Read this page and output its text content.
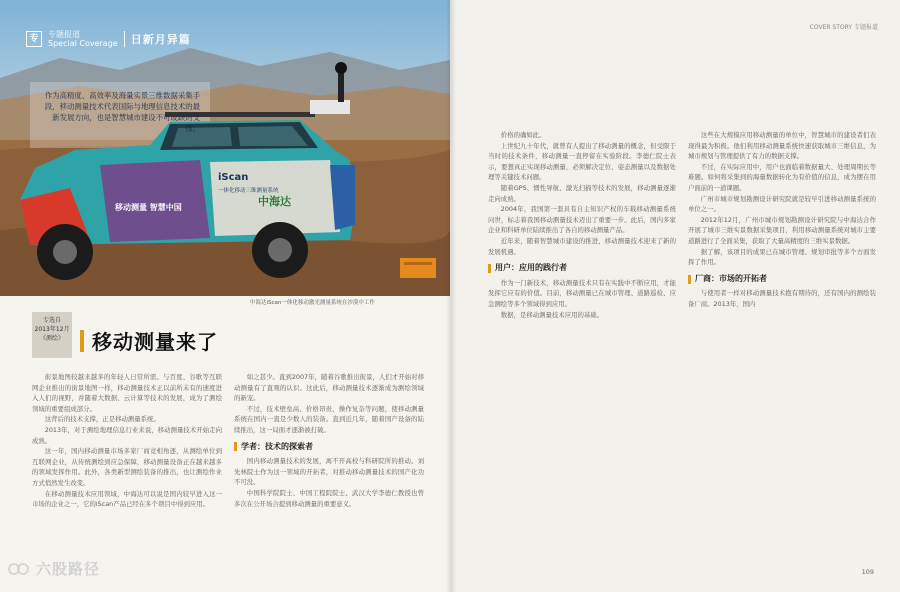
中海达
iScan
一体化移动三维测量系统
移动测量 智慧中国
专	专题报道
Special Coverage 日新月异篇
作为高精度、高效率及海量实景三维数据采集手段，移动测量技术代表国际与地理信息技术的最新发展方向，也是智慧城市建设不可或缺的支撑。
中海达iScan一体化移动激光测量系统在沙漠中工作
专选自
2013年12月
《测绘》	移动测量来了

街景地图较越来越多的年轻人日常所需。与百度、谷歌等互联网企业推出的街景地图一样，移动测量技术正以前所未有的速度进入人们的视野，并随着大数据、云计算等技术的发展，成为了测绘领域的重要组成部分。

这背后的技术支撑，正是移动测量系统。

2013年，对于测绘地理信息行业来说，移动测量技术开始走向成熟。

这一年，国内移动测量市场多家厂商竞相角逐，从测绘单位到互联网企业，从传统测绘到应急保障，移动测量设备正在越来越多的领域发挥作用。此外，各类新型测绘装备的推出，也让测绘作业方式悄然发生改变。

在移动测量技术应用领域，中海达可以说是国内较早进入这一市场的企业之一，它的iScan产品已经在多个项目中得到应用。

如之甚少。直到2007年，随着谷歌推出街景，人们才开始对移动测量有了直观的认识。这此后，移动测量技术逐渐成为测绘领域的新宠。

不过，技术壁垒高、价格昂贵、操作复杂等问题，使移动测量系统在国内一直是少数人的装备。直到近几年，随着国产设备的陆续推出，这一局面才逐渐被打破。

学者：技术的探索者

国内移动测量技术的发展，离不开高校与科研院所的推动。刘先林院士作为这一领域的开拓者，对推动移动测量技术的国产化功不可没。

中国科学院院士、中国工程院院士、武汉大学李德仁教授也曾多次在公开场合提到移动测量的重要意义。

六股路径
COVER STORY 专题报道

价格的确如此。

上世纪九十年代，就曾有人提出了移动测量的概念，但受限于当时的技术条件，移动测量一直停留在实验阶段。李德仁院士表示，要想真正实现移动测量，必须解决定位、姿态测量以及数据处理等关键技术问题。

随着GPS、惯性导航、激光扫描等技术的发展，移动测量逐渐走向成熟。

2004年，我国第一套具有自主知识产权的车载移动测量系统问世，标志着我国移动测量技术迈出了重要一步。此后，国内多家企业和科研单位陆续推出了各自的移动测量产品。

近年来，随着智慧城市建设的推进，移动测量技术迎来了新的发展机遇。

用户：应用的践行者

作为一门新技术，移动测量技术只有在实践中不断应用，才能发挥它应有的价值。目前，移动测量已在城市管理、道路巡检、应急测绘等多个领域得到应用。

数据，是移动测量技术应用的基础。

这些在大规模应用移动测量的单位中，智慧城市的建设者们表现得最为积极。他们利用移动测量系统快速获取城市三维信息，为城市规划与管理提供了有力的数据支撑。

不过，在实际应用中，用户也面临着数据量大、处理周期长等难题。如何将采集到的海量数据转化为有价值的信息，成为摆在用户面前的一道课题。

广州市城市规划勘测设计研究院就是较早引进移动测量系统的单位之一。

2012年12月，广州市城市规划勘测设计研究院与中海达合作开展了城市三维实景数据采集项目，利用移动测量系统对城市主要道路进行了全面采集，获取了大量高精度的三维实景数据。

据了解，该项目的成果已在城市管理、规划审批等多个方面发挥了作用。

厂商：市场的开拓者

与使用者一样对移动测量技术抱有期待的，还有国内的测绘装备厂商。2013年，国内

109
